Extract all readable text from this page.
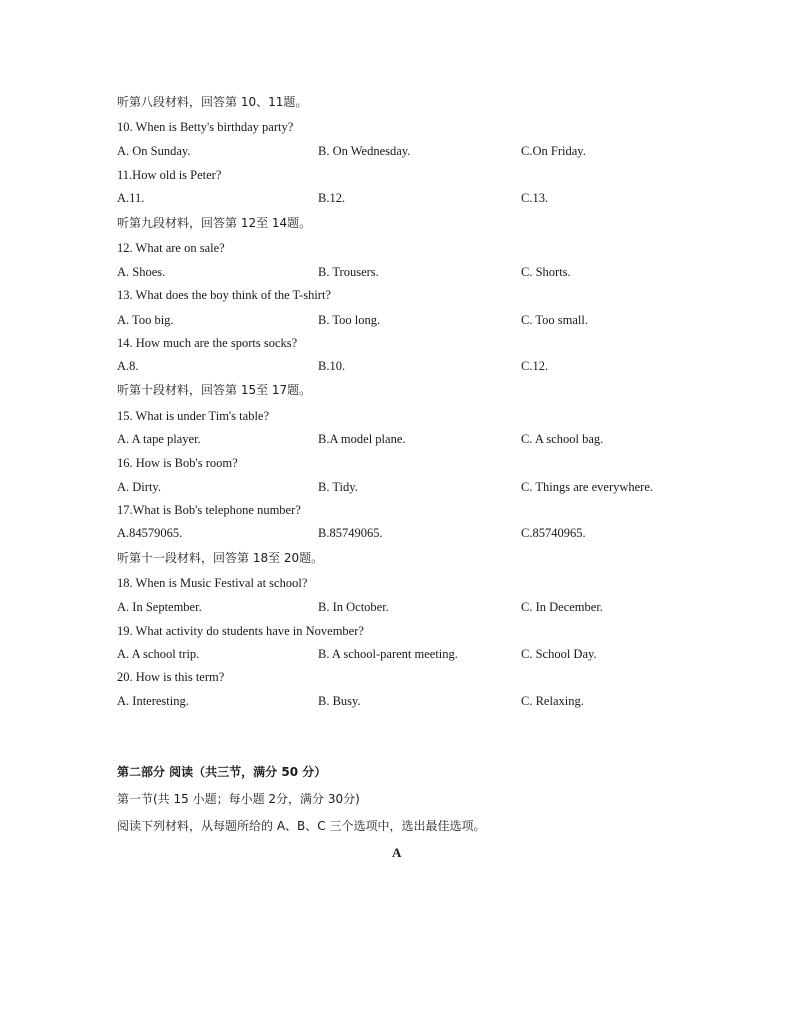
听第八段材料，回答第 10、11题。
10. When is Betty's birthday party?
A. On Sunday.	B. On Wednesday.	C.On Friday.
11.How old is Peter?
A.11.	B.12.	C.13.
听第九段材料，回答第 12至 14题。
12. What are on sale?
A. Shoes.	B. Trousers.	C. Shorts.
13. What does the boy think of the T-shirt?
A. Too big.	B. Too long.	C. Too small.
14. How much are the sports socks?
A.8.	B.10.	C.12.
听第十段材料，回答第 15至 17题。
15. What is under Tim's table?
A. A tape player.	B.A model plane.	C. A school bag.
16. How is Bob's room?
A. Dirty.	B. Tidy.	C. Things are everywhere.
17.What is Bob's telephone number?
A.84579065.	B.85749065.	C.85740965.
听第十一段材料，回答第 18至 20题。
18. When is Music Festival at school?
A. In September.	B. In October.	C. In December.
19. What activity do students have in November?
A. A school trip.	B. A school-parent meeting.	C. School Day.
20. How is this term?
A. Interesting.	B. Busy.	C. Relaxing.
第二部分 阅读（共三节，满分 50 分）
第一节(共 15 小题；每小题 2分，满分 30分)
阅读下列材料，从每题所给的 A、B、C 三个选项中，选出最佳选项。
A
